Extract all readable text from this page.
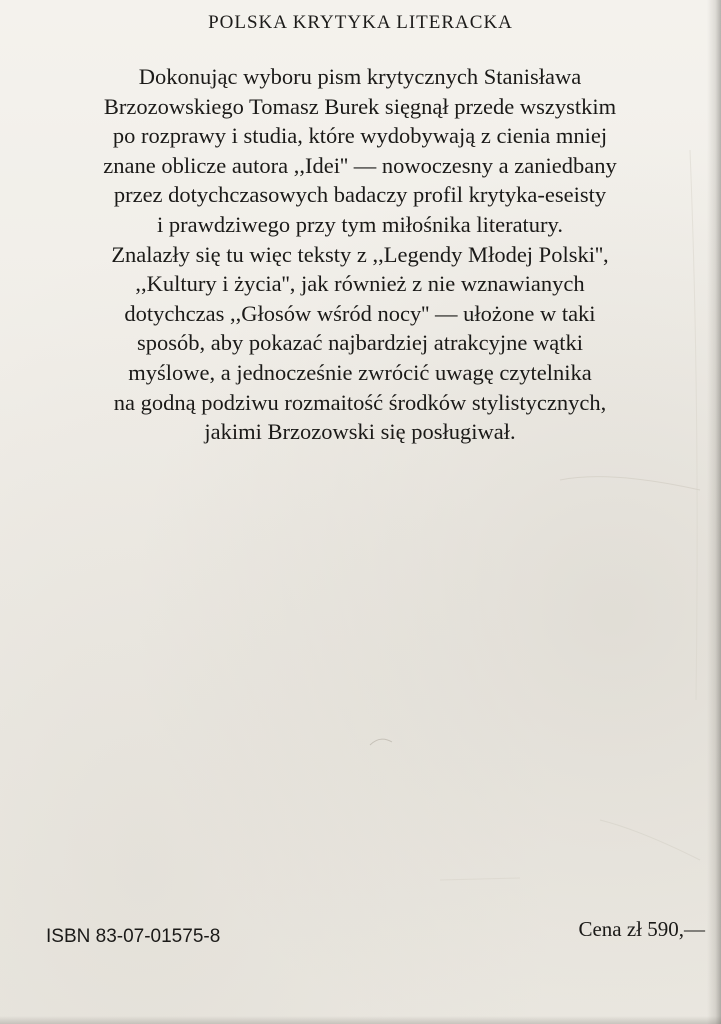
POLSKA KRYTYKA LITERACKA
Dokonując wyboru pism krytycznych Stanisława
Brzozowskiego Tomasz Burek sięgnął przede wszystkim
po rozprawy i studia, które wydobywają z cienia mniej
znane oblicze autora ,,Idei'' — nowoczesny a zaniedbany
przez dotychczasowych badaczy profil krytyka-eseisty
i prawdziwego przy tym miłośnika literatury.
Znalazły się tu więc teksty z ,,Legendy Młodej Polski'',
,,Kultury i życia'', jak również z nie wznawianych
dotychczas ,,Głosów wśród nocy'' — ułożone w taki
sposób, aby pokazać najbardziej atrakcyjne wątki
myślowe, a jednocześnie zwrócić uwagę czytelnika
na godną podziwu rozmaitość środków stylistycznych,
jakimi Brzozowski się posługiwał.
ISBN 83-07-01575-8	Cena zł 590,—
